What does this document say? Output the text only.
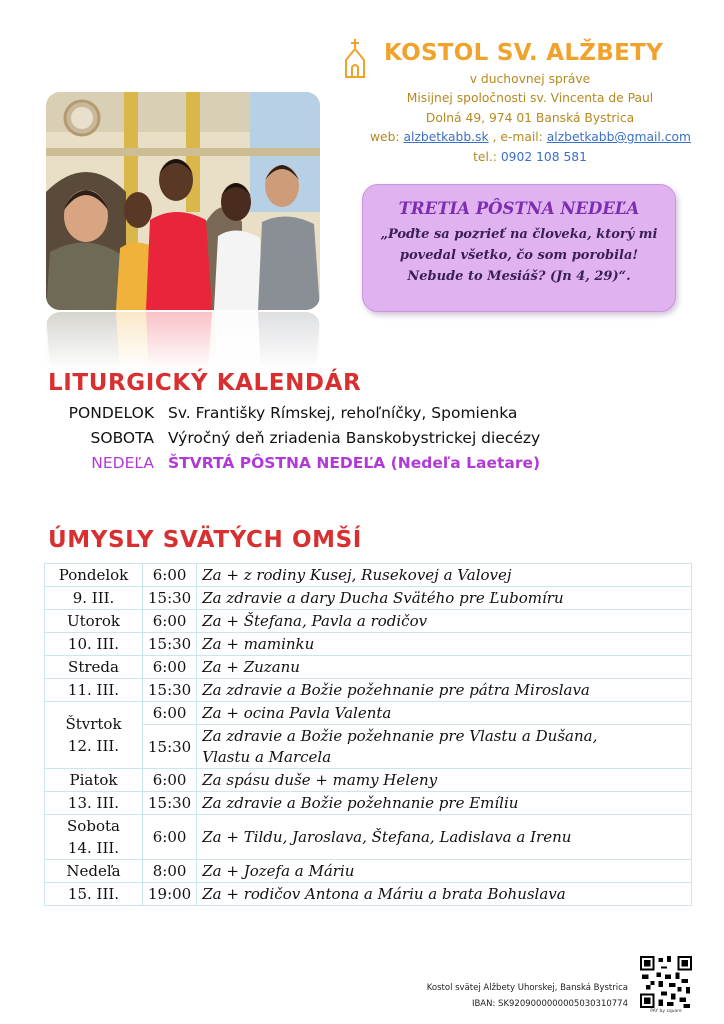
KOSTOL SV. ALŽBETY
v duchovnej správe
Misijnej spoločnosti sv. Vincenta de Paul
Dolná 49, 974 01 Banská Bystrica
web: alzbetkabb.sk , e-mail: alzbetkabb@gmail.com
tel.: 0902 108 581
TRETIA PÔSTNA NEDEĽA
„Poďte sa pozrieť na človeka, ktorý mi
povedal všetko, čo som porobila!
Nebude to Mesiáš? (Jn 4, 29)“.
LITURGICKÝ KALENDÁR
PONDELOK Sv. Františky Rímskej, rehoľníčky, Spomienka
SOBOTA Výročný deň zriadenia Banskobystrickej diecézy
NEDEĽA ŠTVRTÁ PÔSTNA NEDEĽA (Nedeľa Laetare)
ÚMYSLY SVÄTÝCH OMŠÍ
Pondelok	6:00	Za + z rodiny Kusej, Rusekovej a Valovej
9. III.	15:30	Za zdravie a dary Ducha Svätého pre Ľubomíru
Utorok	6:00	Za + Štefana, Pavla a rodičov
10. III.	15:30	Za + maminku
Streda	6:00	Za + Zuzanu
11. III.	15:30	Za zdravie a Božie požehnanie pre pátra Miroslava

Štvrtok
12. III.	6:00	Za + ocina Pavla Valenta
	15:30	Za zdravie a Božie požehnanie pre Vlastu a Dušana,
Vlastu a Marcela

Piatok	6:00	Za spásu duše + mamy Heleny
13. III.	15:30	Za zdravie a Božie požehnanie pre Emíliu

Sobota
14. III.	6:00	Za + Tildu, Jaroslava, Štefana, Ladislava a Irenu
Nedeľa	8:00	Za + Jozefa a Máriu
15. III.	19:00	Za + rodičov Antona a Máriu a brata Bohuslava
Kostol svätej Alžbety Uhorskej, Banská Bystrica
IBAN: SK9209000000005030310774
PAY by square
